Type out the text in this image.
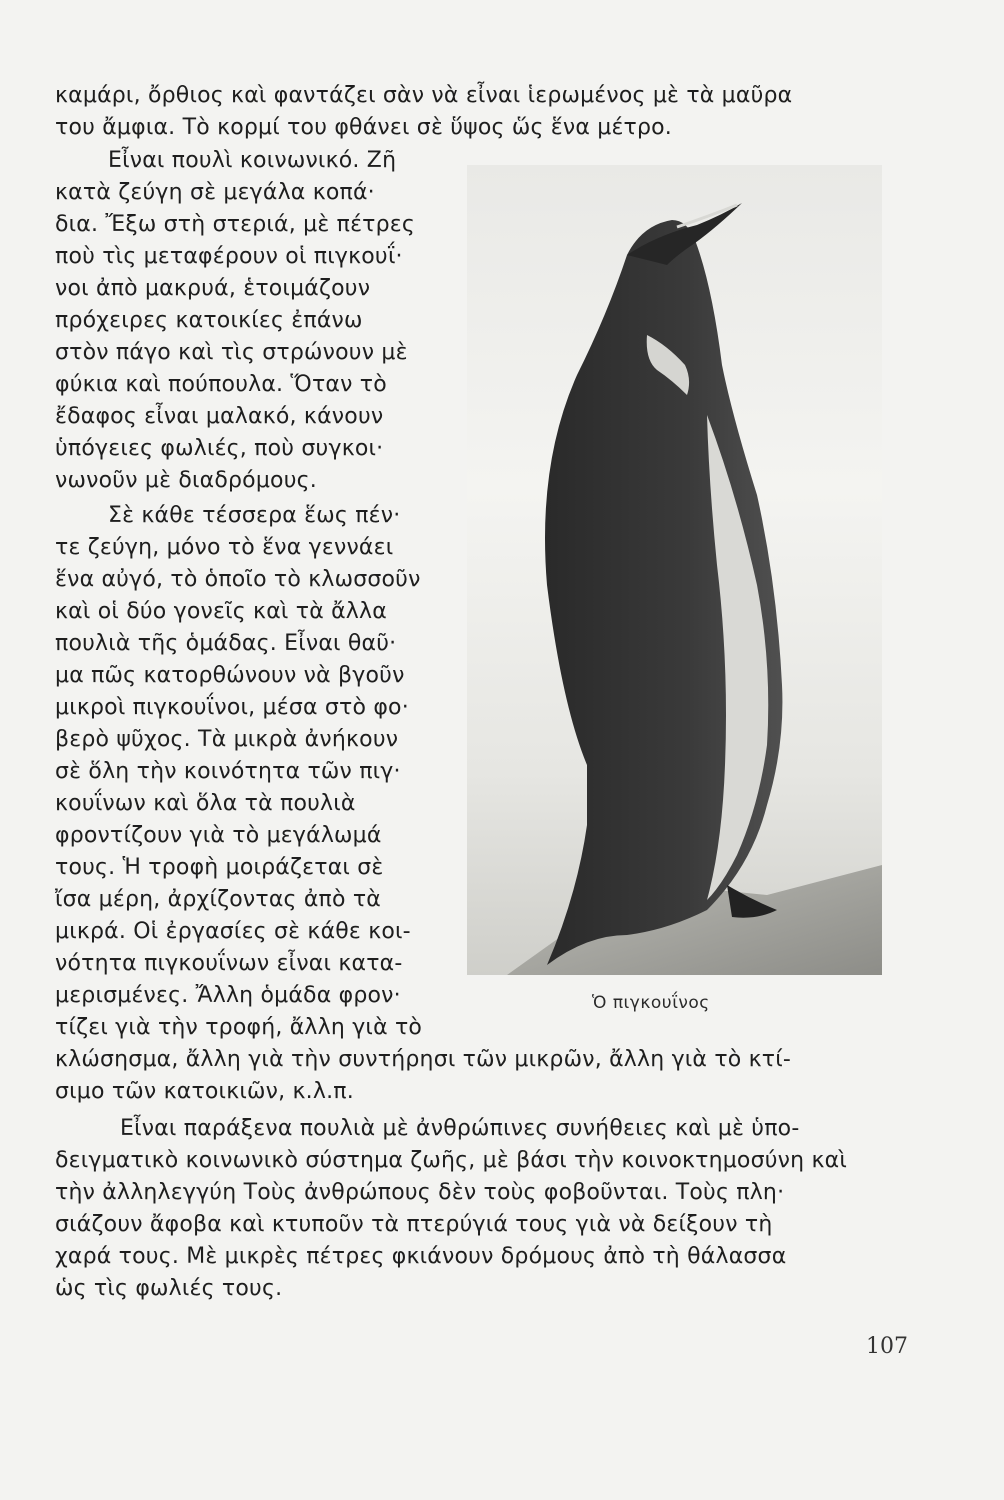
καμάρι, ὄρθιος καὶ φαντάζει σὰν νὰ εἶναι ἱερωμένος μὲ τὰ μαῦρα

του ἄμφια. Τὸ κορμί του φθάνει σὲ ὕψος ὥς ἕνα μέτρο.

Εἶναι πουλὶ κοινωνικό. Ζῆ

κατὰ ζεύγη σὲ μεγάλα κοπά·

δια. Ἔξω στὴ στεριά, μὲ πέτρες

ποὺ τὶς μεταφέρουν οἱ πιγκουΐ·

νοι ἀπὸ μακρυά, ἑτοιμάζουν

πρόχειρες κατοικίες ἐπάνω

στὸν πάγο καὶ τὶς στρώνουν μὲ

φύκια καὶ πούπουλα. Ὅταν τὸ

ἔδαφος εἶναι μαλακό, κάνουν

ὑπόγειες φωλιές, ποὺ συγκοι·

νωνοῦν μὲ διαδρόμους.

Σὲ κάθε τέσσερα ἕως πέν·

τε ζεύγη, μόνο τὸ ἕνα γεννάει

ἕνα αὐγό, τὸ ὁποῖο τὸ κλωσσοῦν

καὶ οἱ δύο γονεῖς καὶ τὰ ἄλλα

πουλιὰ τῆς ὁμάδας. Εἶναι θαῦ·

μα πῶς κατορθώνουν νὰ βγοῦν

μικροὶ πιγκουΐνοι, μέσα στὸ φο·

βερὸ ψῦχος. Τὰ μικρὰ ἀνήκουν

σὲ ὅλη τὴν κοινότητα τῶν πιγ·

κουΐνων καὶ ὅλα τὰ πουλιὰ

φροντίζουν γιὰ τὸ μεγάλωμά

τους. Ἡ τροφὴ μοιράζεται σὲ

ἴσα μέρη, ἀρχίζοντας ἀπὸ τὰ

μικρά. Οἱ ἐργασίες σὲ κάθε κοι-

νότητα πιγκουΐνων εἶναι κατα-

μερισμένες. Ἄλλη ὁμάδα φρον·

τίζει γιὰ τὴν τροφή, ἄλλη γιὰ τὸ

κλώσησμα, ἄλλη γιὰ τὴν συντήρησι τῶν μικρῶν, ἄλλη γιὰ τὸ κτί-

σιμο τῶν κατοικιῶν, κ.λ.π.

Εἶναι παράξενα πουλιὰ μὲ ἀνθρώπινες συνήθειες καὶ μὲ ὑπο-

δειγματικὸ κοινωνικὸ σύστημα ζωῆς, μὲ βάσι τὴν κοινοκτημοσύνη καὶ

τὴν ἀλληλεγγύη Τοὺς ἀνθρώπους δὲν τοὺς φοβοῦνται. Τοὺς πλη·

σιάζουν ἄφοβα καὶ κτυποῦν τὰ πτερύγιά τους γιὰ νὰ δείξουν τὴ

χαρά τους. Μὲ μικρὲς πέτρες φκιάνουν δρόμους ἀπὸ τὴ θάλασσα

ὡς τὶς φωλιές τους.

Ὁ πιγκουΐνος

107
